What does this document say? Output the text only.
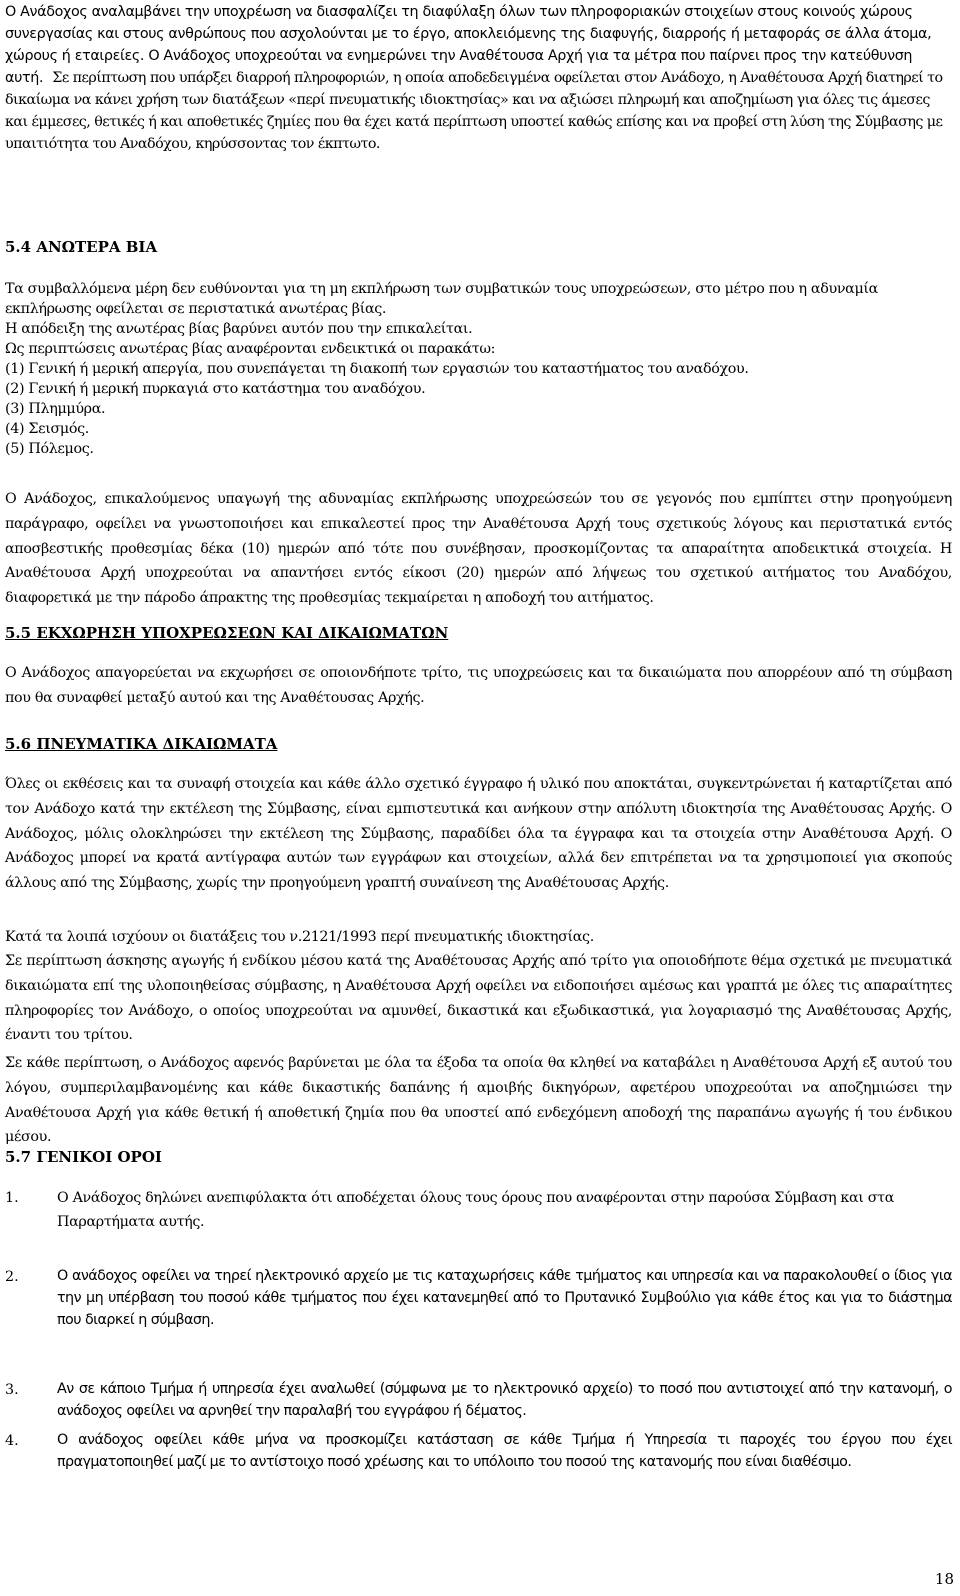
Ο Ανάδοχος αναλαμβάνει την υποχρέωση να διασφαλίζει τη διαφύλαξη όλων των πληροφοριακών στοιχείων στους κοινούς χώρους συνεργασίας και στους ανθρώπους που ασχολούνται με το έργο, αποκλειόμενης της διαφυγής, διαρροής ή μεταφοράς σε άλλα άτομα, χώρους ή εταιρείες. Ο Ανάδοχος υποχρεούται να ενημερώνει την Αναθέτουσα Αρχή για τα μέτρα που παίρνει προς την κατεύθυνση αυτή.

Σε περίπτωση που υπάρξει διαρροή πληροφοριών, η οποία αποδεδειγμένα οφείλεται στον Ανάδοχο, η Αναθέτουσα Αρχή διατηρεί το δικαίωμα να κάνει χρήση των διατάξεων «περί πνευματικής ιδιοκτησίας» και να αξιώσει πληρωμή και αποζημίωση για όλες τις άμεσες και έμμεσες, θετικές ή και αποθετικές ζημίες που θα έχει κατά περίπτωση υποστεί καθώς επίσης και να προβεί στη λύση της Σύμβασης με υπαιτιότητα του Αναδόχου, κηρύσσοντας τον έκπτωτο.

5.4 ΑΝΩΤΕΡΑ ΒΙΑ

Τα συμβαλλόμενα μέρη δεν ευθύνονται για τη μη εκπλήρωση των συμβατικών τους υποχρεώσεων, στο μέτρο που η αδυναμία εκπλήρωσης οφείλεται σε περιστατικά ανωτέρας βίας.

Η απόδειξη της ανωτέρας βίας βαρύνει αυτόν που την επικαλείται.

Ως περιπτώσεις ανωτέρας βίας αναφέρονται ενδεικτικά οι παρακάτω:

(1) Γενική ή μερική απεργία, που συνεπάγεται τη διακοπή των εργασιών του καταστήματος του αναδόχου.

(2) Γενική ή μερική πυρκαγιά στο κατάστημα του αναδόχου.

(3) Πλημμύρα.

(4) Σεισμός.

(5) Πόλεμος.

Ο Ανάδοχος, επικαλούμενος υπαγωγή της αδυναμίας εκπλήρωσης υποχρεώσεών του σε γεγονός που εμπίπτει στην προηγούμενη παράγραφο, οφείλει να γνωστοποιήσει και επικαλεστεί προς την Αναθέτουσα Αρχή τους σχετικούς λόγους και περιστατικά εντός αποσβεστικής προθεσμίας δέκα (10) ημερών από τότε που συνέβησαν, προσκομίζοντας τα απαραίτητα αποδεικτικά στοιχεία. Η Αναθέτουσα Αρχή υποχρεούται να απαντήσει εντός είκοσι (20) ημερών από λήψεως του σχετικού αιτήματος του Αναδόχου, διαφορετικά με την πάροδο άπρακτης της προθεσμίας τεκμαίρεται η αποδοχή του αιτήματος.

5.5 ΕΚΧΩΡΗΣΗ ΥΠΟΧΡΕΩΣΕΩΝ ΚΑΙ ΔΙΚΑΙΩΜΑΤΩΝ

Ο Ανάδοχος απαγορεύεται να εκχωρήσει σε οποιονδήποτε τρίτο, τις υποχρεώσεις και τα δικαιώματα που απορρέουν από τη σύμβαση που θα συναφθεί μεταξύ αυτού και της Αναθέτουσας Αρχής.

5.6 ΠΝΕΥΜΑΤΙΚΑ ΔΙΚΑΙΩΜΑΤΑ

Όλες οι εκθέσεις και τα συναφή στοιχεία και κάθε άλλο σχετικό έγγραφο ή υλικό που αποκτάται, συγκεντρώνεται ή καταρτίζεται από τον Ανάδοχο κατά την εκτέλεση της Σύμβασης, είναι εμπιστευτικά και ανήκουν στην απόλυτη ιδιοκτησία της Αναθέτουσας Αρχής. Ο Ανάδοχος, μόλις ολοκληρώσει την εκτέλεση της Σύμβασης, παραδίδει όλα τα έγγραφα και τα στοιχεία στην Αναθέτουσα Αρχή. Ο Ανάδοχος μπορεί να κρατά αντίγραφα αυτών των εγγράφων και στοιχείων, αλλά δεν επιτρέπεται να τα χρησιμοποιεί για σκοπούς άλλους από της Σύμβασης, χωρίς την προηγούμενη γραπτή συναίνεση της Αναθέτουσας Αρχής.

Κατά τα λοιπά ισχύουν οι διατάξεις του ν.2121/1993 περί πνευματικής ιδιοκτησίας.

Σε περίπτωση άσκησης αγωγής ή ενδίκου μέσου κατά της Αναθέτουσας Αρχής από τρίτο για οποιοδήποτε θέμα σχετικά με πνευματικά δικαιώματα επί της υλοποιηθείσας σύμβασης, η Αναθέτουσα Αρχή οφείλει να ειδοποιήσει αμέσως και γραπτά με όλες τις απαραίτητες πληροφορίες τον Ανάδοχο, ο οποίος υποχρεούται να αμυνθεί, δικαστικά και εξωδικαστικά, για λογαριασμό της Αναθέτουσας Αρχής, έναντι του τρίτου.

Σε κάθε περίπτωση, ο Ανάδοχος αφενός βαρύνεται με όλα τα έξοδα τα οποία θα κληθεί να καταβάλει η Αναθέτουσα Αρχή εξ αυτού του λόγου, συμπεριλαμβανομένης και κάθε δικαστικής δαπάνης ή αμοιβής δικηγόρων, αφετέρου υποχρεούται να αποζημιώσει την Αναθέτουσα Αρχή για κάθε θετική ή αποθετική ζημία που θα υποστεί από ενδεχόμενη αποδοχή της παραπάνω αγωγής ή του ένδικου μέσου.

5.7 ΓΕΝΙΚΟΙ ΟΡΟΙ
1.	Ο Ανάδοχος δηλώνει ανεπιφύλακτα ότι αποδέχεται όλους τους όρους που αναφέρονται στην παρούσα Σύμβαση και στα Παραρτήματα αυτής.
2.	Ο ανάδοχος οφείλει να τηρεί ηλεκτρονικό αρχείο με τις καταχωρήσεις κάθε τμήματος και υπηρεσία και να παρακολουθεί ο ίδιος για την μη υπέρβαση του ποσού κάθε τμήματος που έχει κατανεμηθεί από το Πρυτανικό Συμβούλιο για κάθε έτος και για το διάστημα που διαρκεί η σύμβαση.
3.	Αν σε κάποιο Τμήμα ή υπηρεσία έχει αναλωθεί (σύμφωνα με το ηλεκτρονικό αρχείο) το ποσό που αντιστοιχεί από την κατανομή, ο ανάδοχος οφείλει να αρνηθεί την παραλαβή του εγγράφου ή δέματος.
4.	Ο ανάδοχος οφείλει κάθε μήνα να προσκομίζει κατάσταση σε κάθε Τμήμα ή Υπηρεσία τι παροχές του έργου που έχει πραγματοποιηθεί μαζί με το αντίστοιχο ποσό χρέωσης και το υπόλοιπο του ποσού της κατανομής που είναι διαθέσιμο.
18
